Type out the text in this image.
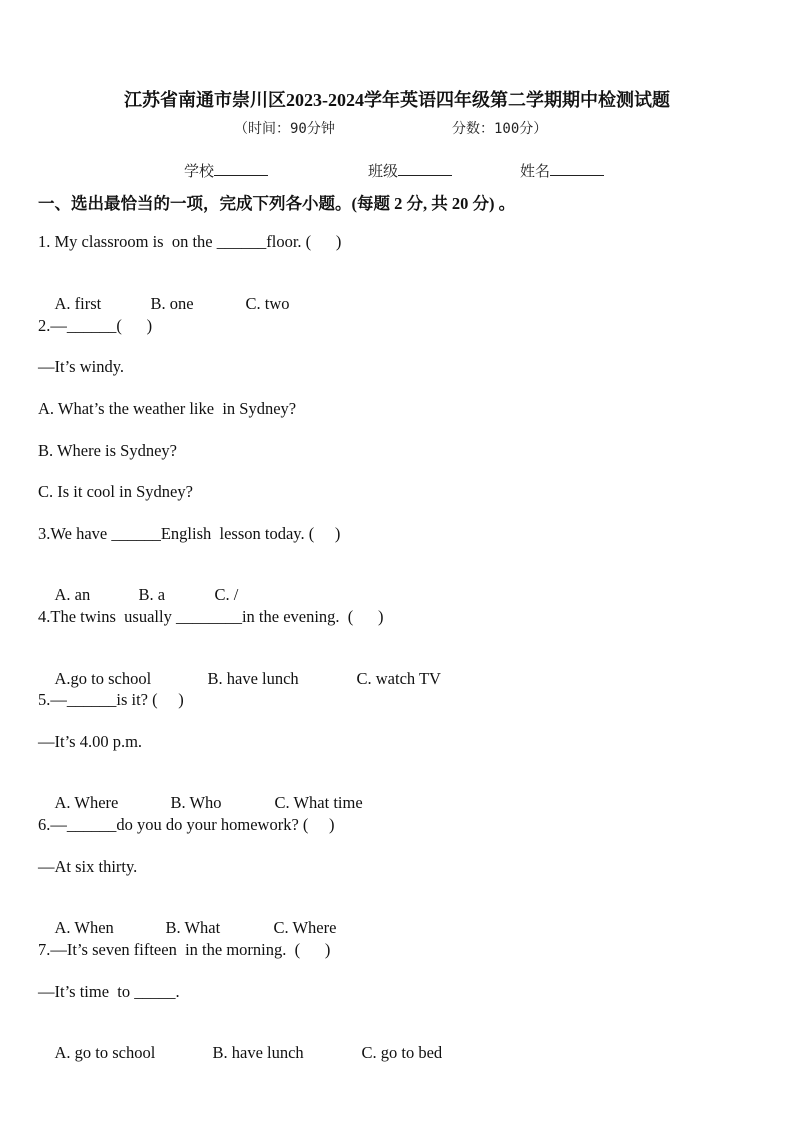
江苏省南通市崇川区2023-2024学年英语四年级第二学期期中检测试题
（时间：90分钟	分数：100分）
学校	班级	姓名
一、选出最恰当的一项，完成下列各小题。(每题 2 分, 共 20 分) 。
1. My classroom is  on the ______floor. (      )

A. first	B. one	C. two

2.—______(      )
—It’s windy.
A. What’s the weather like  in Sydney?
B. Where is Sydney?
C. Is it cool in Sydney?
3.We have ______English  lesson today. (     )

A. an	B. a	C. /

4.The twins  usually ________in the evening.  (      )

A.go to school	B. have lunch	C. watch TV

5.—______is it? (     )
—It’s 4.00 p.m.

A. Where	B. Who	C. What time

6.—______do you do your homework? (     )
—At six thirty.

A. When	B. What	C. Where

7.—It’s seven fifteen  in the morning.  (      )
—It’s time  to _____.

A. go to school	B. have lunch	C. go to bed
